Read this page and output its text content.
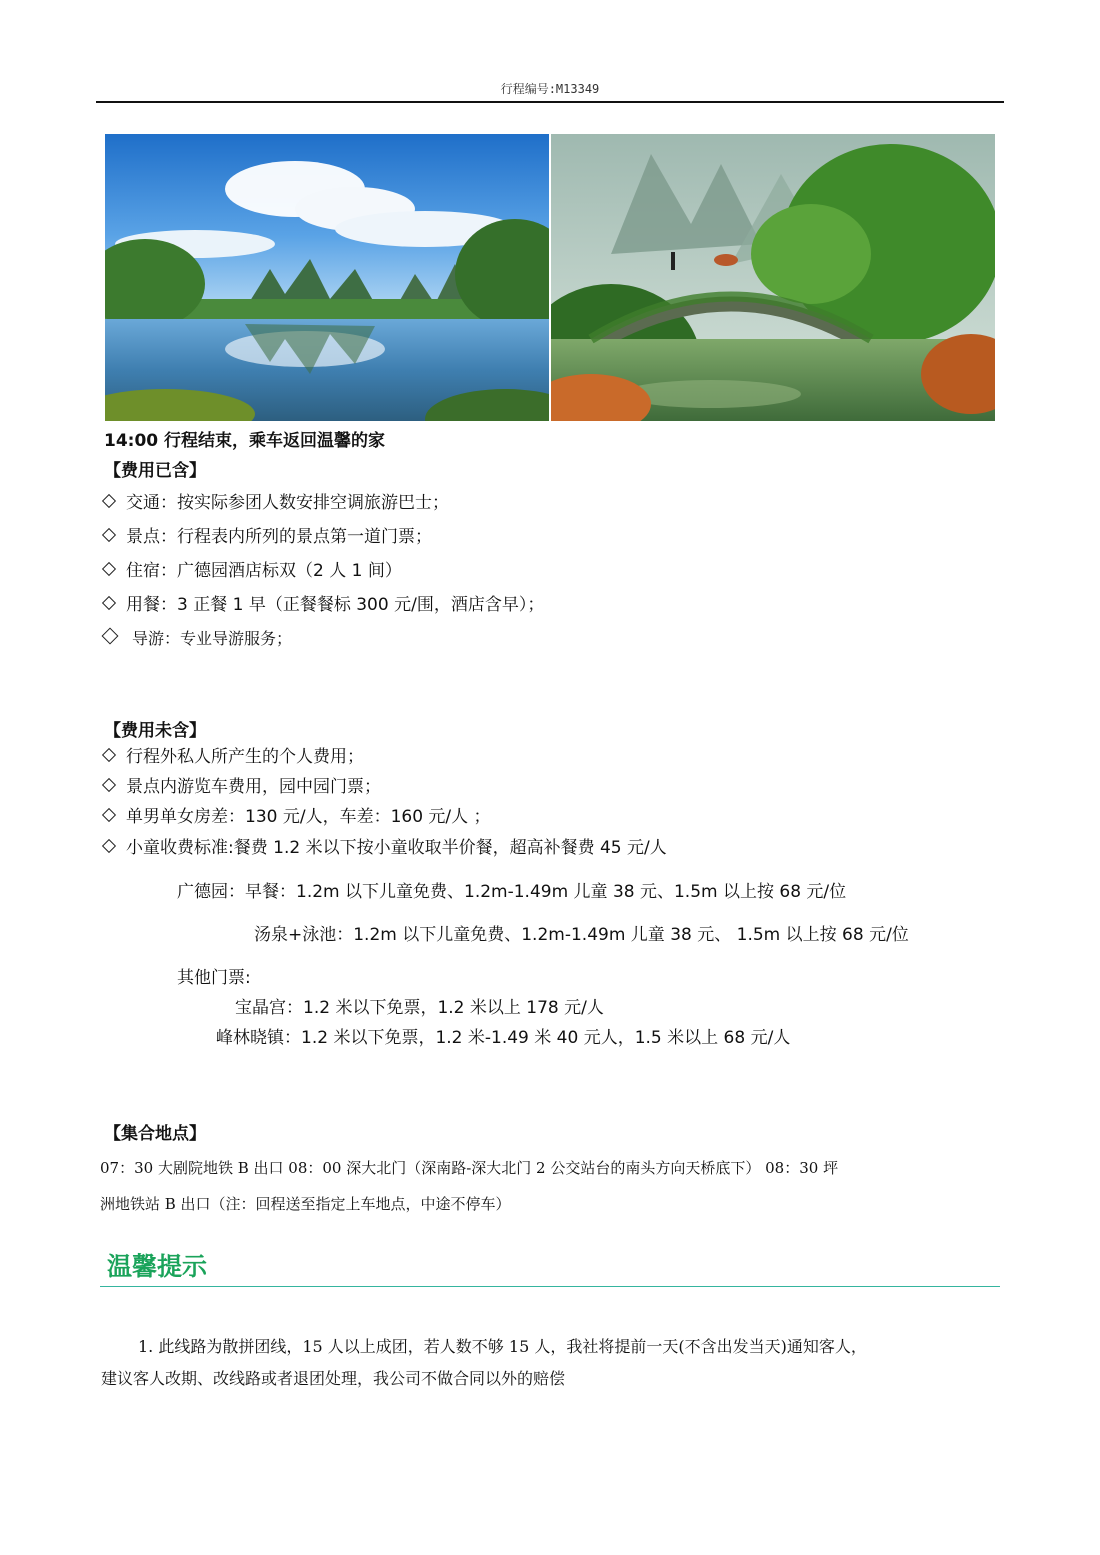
行程编号:M13349
14:00 行程结束，乘车返回温馨的家
【费用已含】
交通：按实际参团人数安排空调旅游巴士；
景点：行程表内所列的景点第一道门票；
住宿：广德园酒店标双（2 人 1 间）
用餐：3 正餐 1 早（正餐餐标 300 元/围，酒店含早）；
导游：专业导游服务；
【费用未含】
行程外私人所产生的个人费用；
景点内游览车费用，园中园门票；
单男单女房差：130 元/人，车差：160 元/人 ；
小童收费标准:餐费 1.2 米以下按小童收取半价餐，超高补餐费 45 元/人
广德园：早餐：1.2m 以下儿童免费、1.2m-1.49m 儿童 38 元、1.5m 以上按 68 元/位
汤泉+泳池：1.2m 以下儿童免费、1.2m-1.49m 儿童 38 元、 1.5m 以上按 68 元/位
其他门票:
宝晶宫：1.2 米以下免票，1.2 米以上 178 元/人
峰林晓镇：1.2 米以下免票，1.2 米-1.49 米 40 元人，1.5 米以上 68 元/人
【集合地点】
07：30 大剧院地铁 B 出口 08：00 深大北门（深南路-深大北门 2 公交站台的南头方向天桥底下） 08：30 坪
洲地铁站 B 出口（注：回程送至指定上车地点，中途不停车）
温馨提示
1. 此线路为散拼团线，15 人以上成团，若人数不够 15 人，我社将提前一天(不含出发当天)通知客人，
建议客人改期、改线路或者退团处理，我公司不做合同以外的赔偿
